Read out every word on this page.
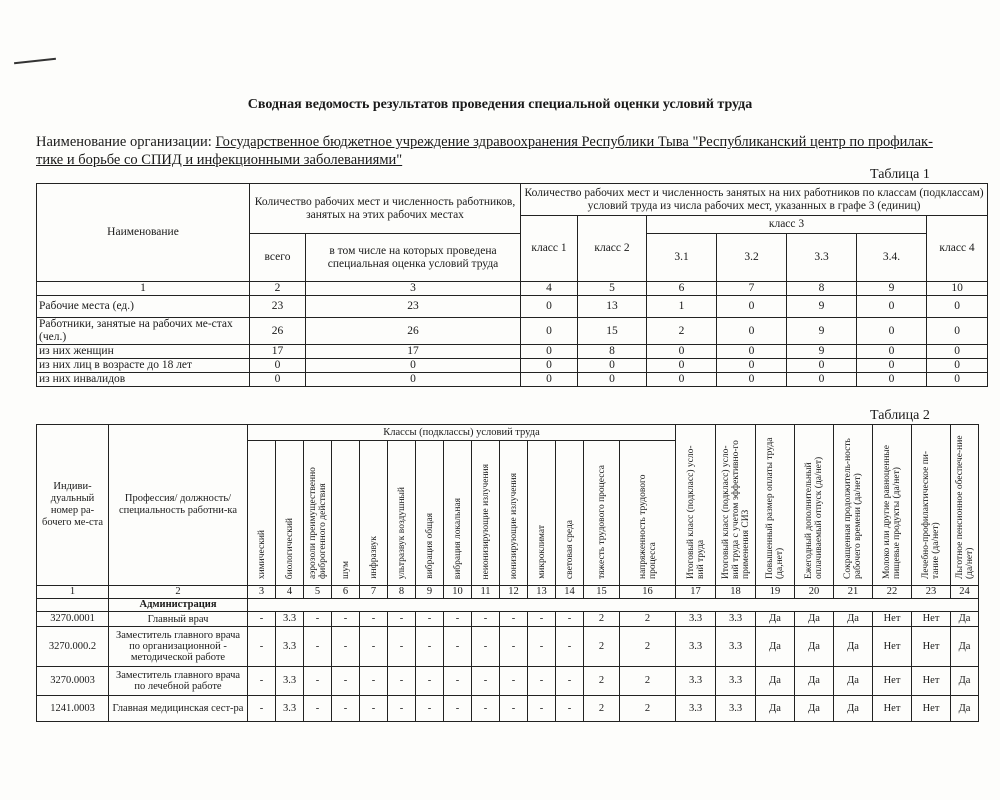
Сводная ведомость результатов проведения специальной оценки условий труда
Наименование организации: Государственное бюджетное учреждение здравоохранения Республики Тыва "Республиканский центр по профилак-тике и борьбе со СПИД и инфекционными заболеваниями"
Таблица 1
Наименование	Количество рабочих мест и численность работников, занятых на этих рабочих местах		Количество рабочих мест и численность занятых на них работников по классам (подклассам) условий труда из числа рабочих мест, указанных в графе 3 (единиц)						
			класс 1	класс 2	класс 3				класс 4
	всего	в том числе на которых проведена специальная оценка условий труда			3.1	3.2	3.3	3.4.	
1	2	3	4	5	6	7	8	9	10
Рабочие места (ед.)	23	23	0	13	1	0	9	0	0
Работники, занятые на рабочих ме-стах (чел.)	26	26	0	15	2	0	9	0	0
из них женщин	17	17	0	8	0	0	9	0	0
из них лиц в возрасте до 18 лет	0	0	0	0	0	0	0	0	0
из них инвалидов	0	0	0	0	0	0	0	0	0
Таблица 2
Индиви-дуальный номер ра-бочего ме-ста	Профессия/ должность/ специальность работни-ка	Классы (подклассы) условий труда														Итоговый класс (подкласс) усло-вий труда	Итоговый класс (подкласс) усло-вий труда с учетом эффективно-го применения СИЗ	Повышенный размер оплаты труда (да,нет)	Ежегодный дополнительный оплачиваемый отпуск (да/нет)	Сокращенная продолжитель-ность рабочего времени (да/нет)	Молоко или другие равноценные пищевые продукты (да/нет)	Лечебно-профилактическое пи-тание (да/нет)	Льготное пенсионное обеспече-ние (да/нет)
		химический	биологический	аэрозоли преимущественно фиброгенного действия	шум	инфразвук	ультразвук воздушный	вибрация общая	вибрация локальная	неионизирующие излучения	ионизирующие излучения	микроклимат	световая среда	тяжесть трудового процесса	напряженность трудового процесса								
1	2	3	4	5	6	7	8	9	10	11	12	13	14	15	16	17	18	19	20	21	22	23	24
	Администрация																						
3270.0001	Главный врач	-	3.3	-	-	-	-	-	-	-	-	-	-	2	2	3.3	3.3	Да	Да	Да	Нет	Нет	Да
3270.000.2	Заместитель главного врача по организационной - методической работе	-	3.3	-	-	-	-	-	-	-	-	-	-	2	2	3.3	3.3	Да	Да	Да	Нет	Нет	Да
3270.0003	Заместитель главного врача по лечебной работе	-	3.3	-	-	-	-	-	-	-	-	-	-	2	2	3.3	3.3	Да	Да	Да	Нет	Нет	Да
1241.0003	Главная медицинская сест-ра	-	3.3	-	-	-	-	-	-	-	-	-	-	2	2	3.3	3.3	Да	Да	Да	Нет	Нет	Да
